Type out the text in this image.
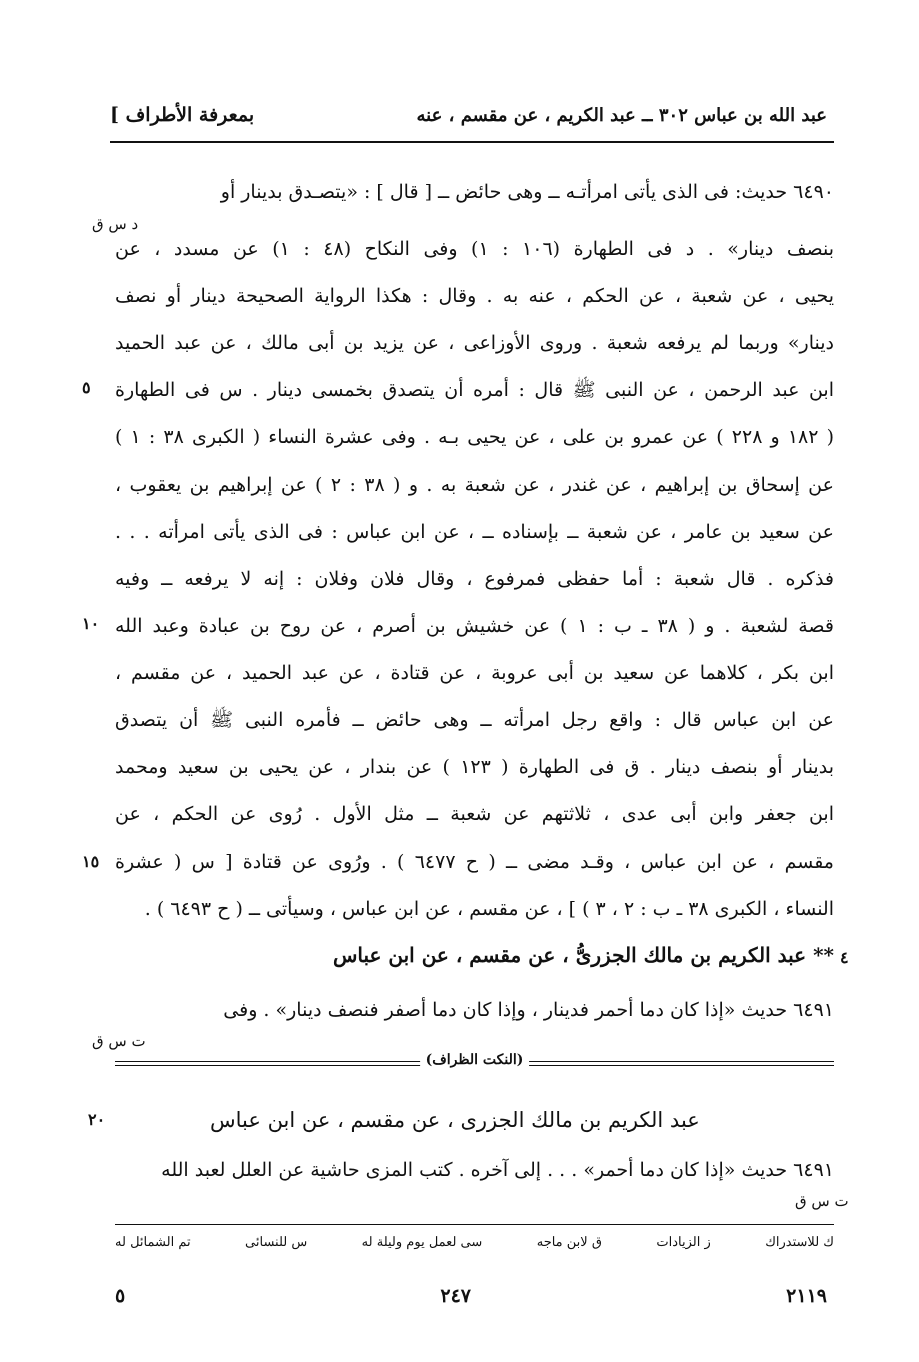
بمعرفة الأطراف ]	عبد الله بن عباس ٣٠٢ ــ عبد الكريم ، عن مقسم ، عنه
٦٤٩٠ حديث: فى الذى يأتى امرأتـه ــ وهى حائض ــ [ قال ] : «يتصـدق بدينار أو
د س ق
بنصف دينار» . د فى الطهارة (١٠٦ : ١) وفى النكاح (٤٨ : ١) عن مسدد ، عن
يحيى ، عن شعبة ، عن الحكم ، عنه به . وقال : هكذا الرواية الصحيحة دينار أو نصف
دينار» وربما لم يرفعه شعبة . وروى الأوزاعى ، عن يزيد بن أبى مالك ، عن عبد الحميد
ابن عبد الرحمن ، عن النبى ﷺ قال : أمره أن يتصدق بخمسى دينار . س فى الطهارة
٥
( ١٨٢ و ٢٢٨ ) عن عمرو بن على ، عن يحيى بـه . وفى عشرة النساء ( الكبرى ٣٨ : ١ )
عن إسحاق بن إبراهيم ، عن غندر ، عن شعبة به . و ( ٣٨ : ٢ ) عن إبراهيم بن يعقوب ،
عن سعيد بن عامر ، عن شعبة ــ بإسناده ــ ، عن ابن عباس : فى الذى يأتى امرأته . . .
فذكره . قال شعبة : أما حفظى فمرفوع ، وقال فلان وفلان : إنه لا يرفعه ــ وفيه
قصة لشعبة . و ( ٣٨ ـ ب : ١ ) عن خشيش بن أصرم ، عن روح بن عبادة وعبد الله
١٠
ابن بكر ، كلاهما عن سعيد بن أبى عروبة ، عن قتادة ، عن عبد الحميد ، عن مقسم ،
عن ابن عباس قال : واقع رجل امرأته ــ وهى حائض ــ فأمره النبى ﷺ أن يتصدق
بدينار أو بنصف دينار . ق فى الطهارة ( ١٢٣ ) عن بندار ، عن يحيى بن سعيد ومحمد
ابن جعفر وابن أبى عدى ، ثلاثتهم عن شعبة ــ مثل الأول . رُوى عن الحكم ، عن
مقسم ، عن ابن عباس ، وقـد مضى ــ ( ح ٦٤٧٧ ) . ورُوى عن قتادة [ س ( عشرة
١٥
النساء ، الكبرى ٣٨ ـ ب : ٢ ، ٣ ) ] ، عن مقسم ، عن ابن عباس ، وسيأتى ــ ( ح ٦٤٩٣ ) .
٤
** عبد الكريم بن مالك الجزرىُّ ، عن مقسم ، عن ابن عباس
٦٤٩١ حديث «إذا كان دما أحمر فدينار ، وإذا كان دما أصفر فنصف دينار» . وفى
ت س ق
(النكت الظراف)
٢٠	عبد الكريم بن مالك الجزرى ، عن مقسم ، عن ابن عباس
٦٤٩١ حديث «إذا كان دما أحمر» . . . إلى آخره . كتب المزى حاشية عن العلل لعبد الله
ت س ق
تم الشمائل له	س للنسائى	سى لعمل يوم وليلة له	ق لابن ماجه	ز الزيادات	ك للاستدراك
٥	٢٤٧	٢١١٩
